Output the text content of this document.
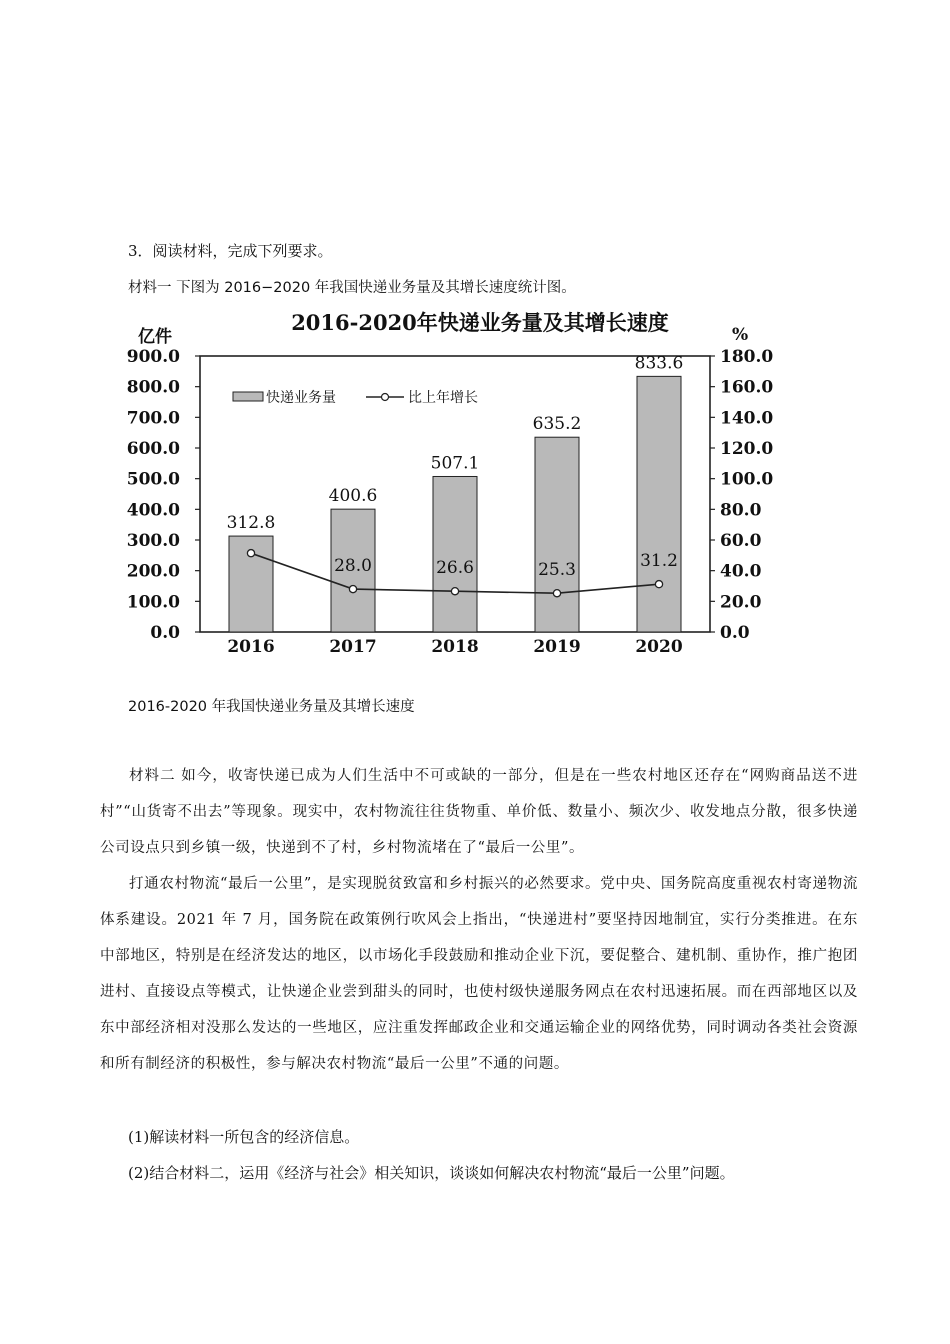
3．阅读材料，完成下列要求。
材料一 下图为 2016−2020 年我国快递业务量及其增长速度统计图。
2016-2020年快递业务量及其增长速度
亿件	%
312.8
400.6
507.1
635.2
833.6
28.0	26.6	25.3	31.2
900.0
800.0
700.0
600.0
500.0
400.0
300.0
200.0
100.0
0.0
180.0
160.0
140.0
120.0
100.0
80.0
60.0
40.0
20.0
0.0
2016	2017	2018	2019	2020
快递业务量	比上年增长
2016-2020 年我国快递业务量及其增长速度

材料二 如今，收寄快递已成为人们生活中不可或缺的一部分，但是在一些农村地区还存在“网购商品送不进村”“山货寄不出去”等现象。现实中，农村物流往往货物重、单价低、数量小、频次少、收发地点分散，很多快递公司设点只到乡镇一级，快递到不了村，乡村物流堵在了“最后一公里”。

打通农村物流“最后一公里”，是实现脱贫致富和乡村振兴的必然要求。党中央、国务院高度重视农村寄递物流体系建设。2021 年 7 月，国务院在政策例行吹风会上指出，“快递进村”要坚持因地制宜，实行分类推进。在东中部地区，特别是在经济发达的地区，以市场化手段鼓励和推动企业下沉，要促整合、建机制、重协作，推广抱团进村、直接设点等模式，让快递企业尝到甜头的同时，也使村级快递服务网点在农村迅速拓展。而在西部地区以及东中部经济相对没那么发达的一些地区，应注重发挥邮政企业和交通运输企业的网络优势，同时调动各类社会资源和所有制经济的积极性，参与解决农村物流“最后一公里”不通的问题。

(1)解读材料一所包含的经济信息。
(2)结合材料二，运用《经济与社会》相关知识，谈谈如何解决农村物流“最后一公里”问题。
